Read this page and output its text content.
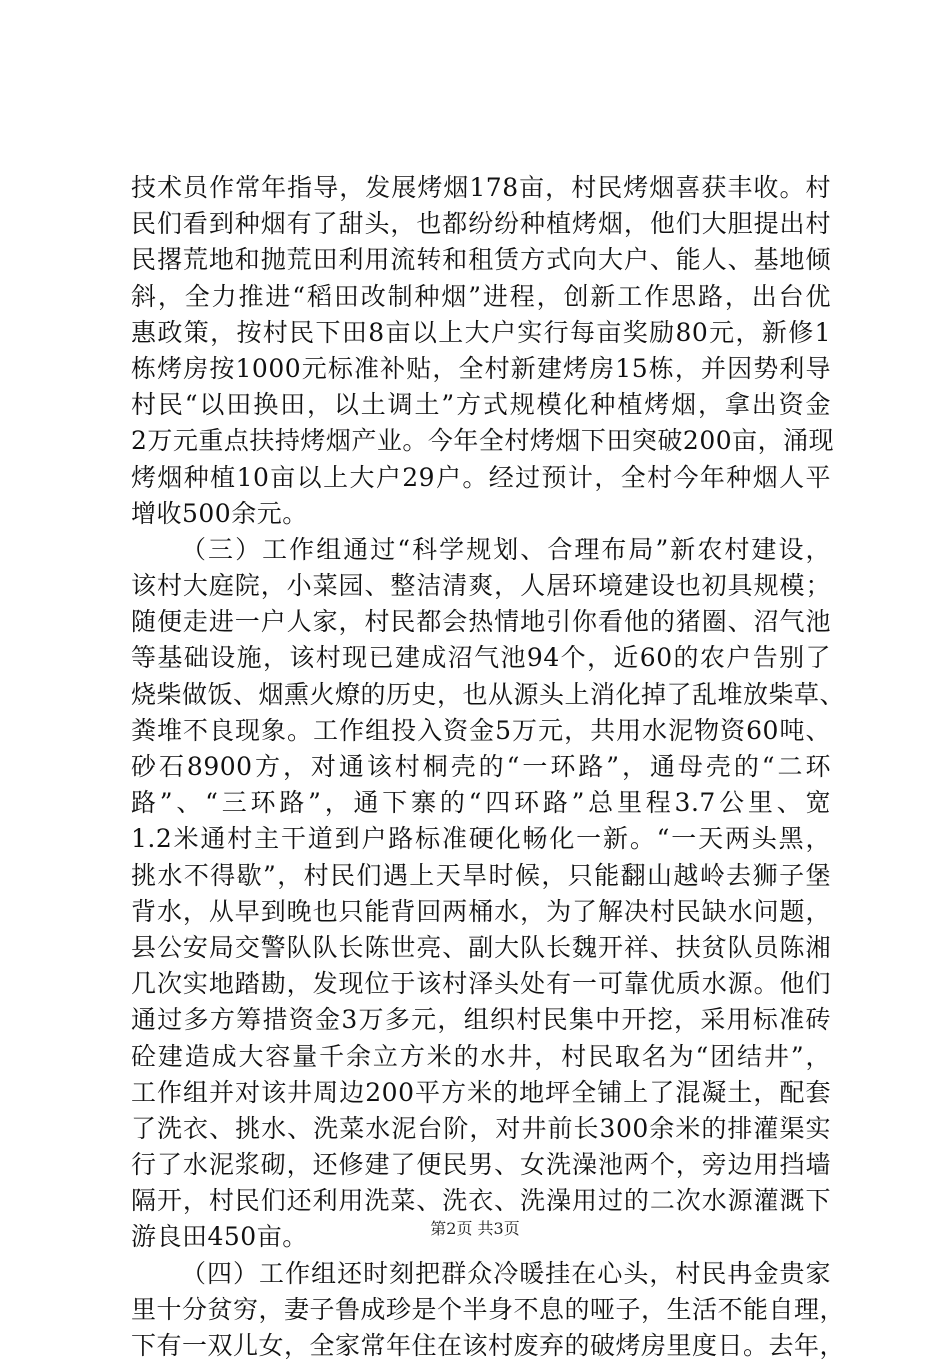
技术员作常年指导，发展烤烟178亩，村民烤烟喜获丰收。村
民们看到种烟有了甜头，也都纷纷种植烤烟，他们大胆提出村
民撂荒地和抛荒田利用流转和租赁方式向大户、能人、基地倾
斜，全力推进“稻田改制种烟”进程，创新工作思路，出台优
惠政策，按村民下田8亩以上大户实行每亩奖励80元，新修1
栋烤房按1000元标准补贴，全村新建烤房15栋，并因势利导
村民“以田换田，以土调土”方式规模化种植烤烟，拿出资金
2万元重点扶持烤烟产业。今年全村烤烟下田突破200亩，涌现
烤烟种植10亩以上大户29户。经过预计，全村今年种烟人平
增收500余元。
（三）工作组通过“科学规划、合理布局”新农村建设，
该村大庭院，小菜园、整洁清爽，人居环境建设也初具规模；
随便走进一户人家，村民都会热情地引你看他的猪圈、沼气池
等基础设施，该村现已建成沼气池94个，近60的农户告别了
烧柴做饭、烟熏火燎的历史，也从源头上消化掉了乱堆放柴草、
粪堆不良现象。工作组投入资金5万元，共用水泥物资60吨、
砂石8900方，对通该村桐壳的“一环路”，通母壳的“二环
路”、“三环路”，通下寨的“四环路”总里程3.7公里、宽
1.2米通村主干道到户路标准硬化畅化一新。“一天两头黑，
挑水不得歇”，村民们遇上天旱时候，只能翻山越岭去狮子堡
背水，从早到晚也只能背回两桶水，为了解决村民缺水问题，
县公安局交警队队长陈世亮、副大队长魏开祥、扶贫队员陈湘
几次实地踏勘，发现位于该村泽头处有一可靠优质水源。他们
通过多方筹措资金3万多元，组织村民集中开挖，采用标准砖
砼建造成大容量千余立方米的水井，村民取名为“团结井”，
工作组并对该井周边200平方米的地坪全铺上了混凝土，配套
了洗衣、挑水、洗菜水泥台阶，对井前长300余米的排灌渠实
行了水泥浆砌，还修建了便民男、女洗澡池两个，旁边用挡墙
隔开，村民们还利用洗菜、洗衣、洗澡用过的二次水源灌溉下
游良田450亩。
（四）工作组还时刻把群众冷暖挂在心头，村民冉金贵家
里十分贫穷，妻子鲁成珍是个半身不息的哑子，生活不能自理，
下有一双儿女，全家常年住在该村废弃的破烤房里度日。去年，
第2页 共3页
